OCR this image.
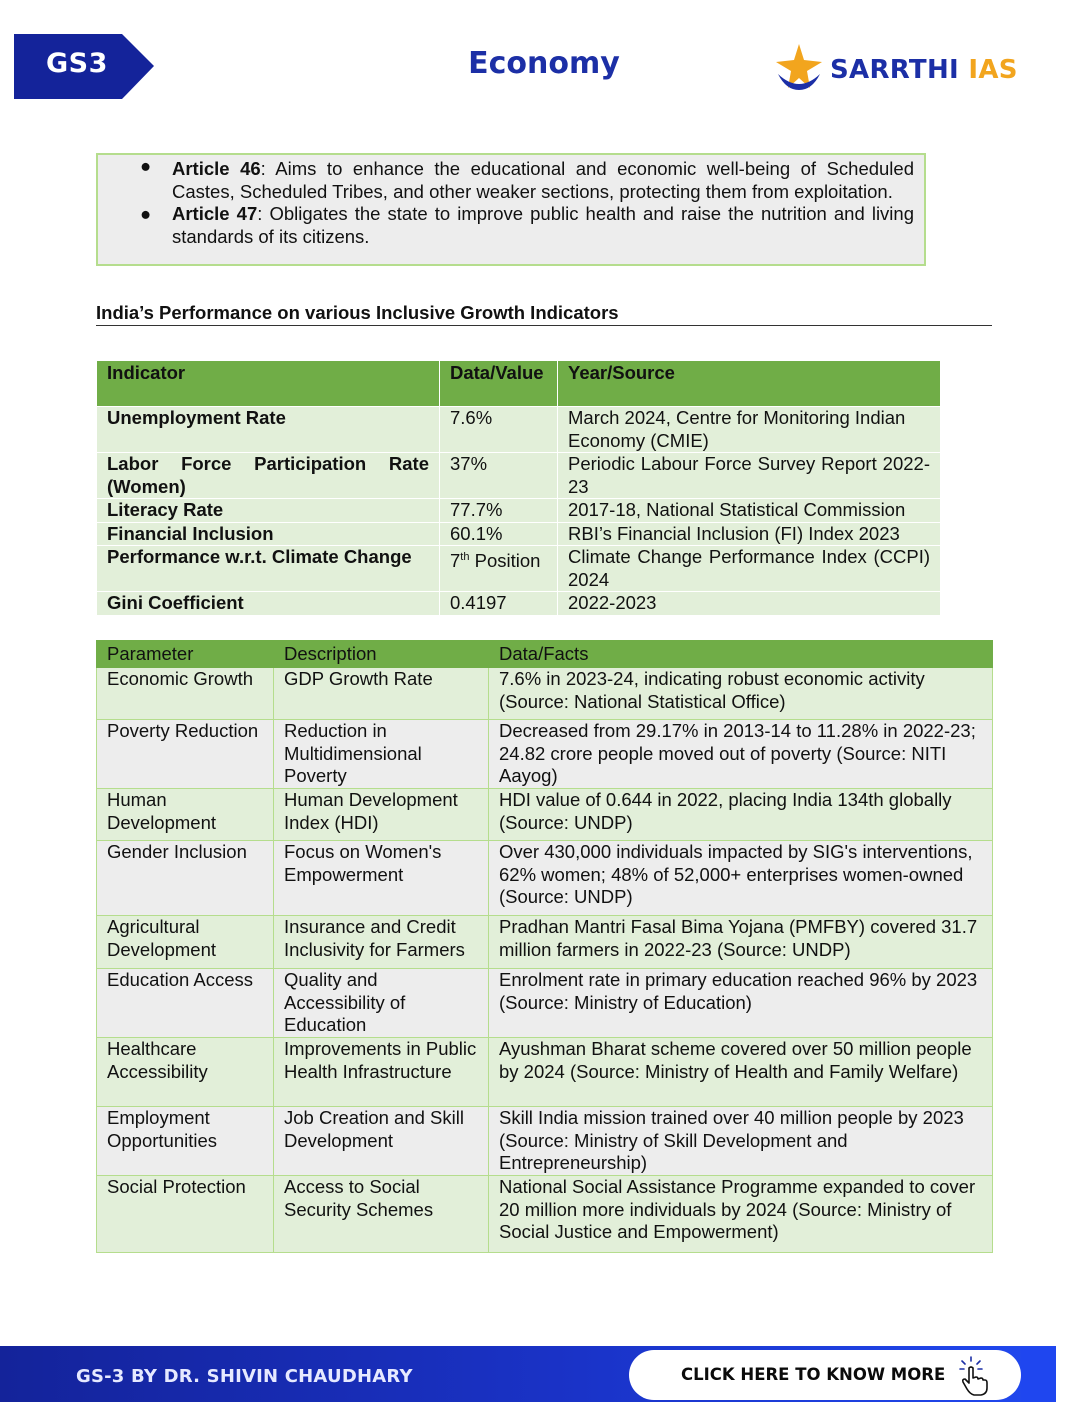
GS3	Economy	SARRTHI IAS
● Article 46: Aims to enhance the educational and economic well-being of Scheduled Castes, Scheduled Tribes, and other weaker sections, protecting them from exploitation.
● Article 47: Obligates the state to improve public health and raise the nutrition and living standards of its citizens.
India’s Performance on various Inclusive Growth Indicators
Indicator	Data/Value	Year/Source
Unemployment Rate	7.6%	March 2024, Centre for Monitoring Indian Economy (CMIE)
Labor Force Participation Rate (Women)	37%	Periodic Labour Force Survey Report 2022-23
Literacy Rate	77.7%	2017-18, National Statistical Commission
Financial Inclusion	60.1%	RBI’s Financial Inclusion (FI) Index 2023
Performance w.r.t. Climate Change	7th Position	Climate Change Performance Index (CCPI) 2024
Gini Coefficient	0.4197	2022-2023
Parameter	Description	Data/Facts
Economic Growth	GDP Growth Rate	7.6% in 2023-24, indicating robust economic activity (Source: National Statistical Office)
Poverty Reduction	Reduction in Multidimensional Poverty	Decreased from 29.17% in 2013-14 to 11.28% in 2022-23; 24.82 crore people moved out of poverty (Source: NITI Aayog)
Human Development	Human Development Index (HDI)	HDI value of 0.644 in 2022, placing India 134th globally (Source: UNDP)
Gender Inclusion	Focus on Women's Empowerment	Over 430,000 individuals impacted by SIG's interventions, 62% women; 48% of 52,000+ enterprises women-owned (Source: UNDP)
Agricultural Development	Insurance and Credit Inclusivity for Farmers	Pradhan Mantri Fasal Bima Yojana (PMFBY) covered 31.7 million farmers in 2022-23 (Source: UNDP)
Education Access	Quality and Accessibility of Education	Enrolment rate in primary education reached 96% by 2023 (Source: Ministry of Education)
Healthcare Accessibility	Improvements in Public Health Infrastructure	Ayushman Bharat scheme covered over 50 million people by 2024 (Source: Ministry of Health and Family Welfare)
Employment Opportunities	Job Creation and Skill Development	Skill India mission trained over 40 million people by 2023 (Source: Ministry of Skill Development and Entrepreneurship)
Social Protection	Access to Social Security Schemes	National Social Assistance Programme expanded to cover 20 million more individuals by 2024 (Source: Ministry of Social Justice and Empowerment)
GS-3 BY DR. SHIVIN CHAUDHARY	CLICK HERE TO KNOW MORE
